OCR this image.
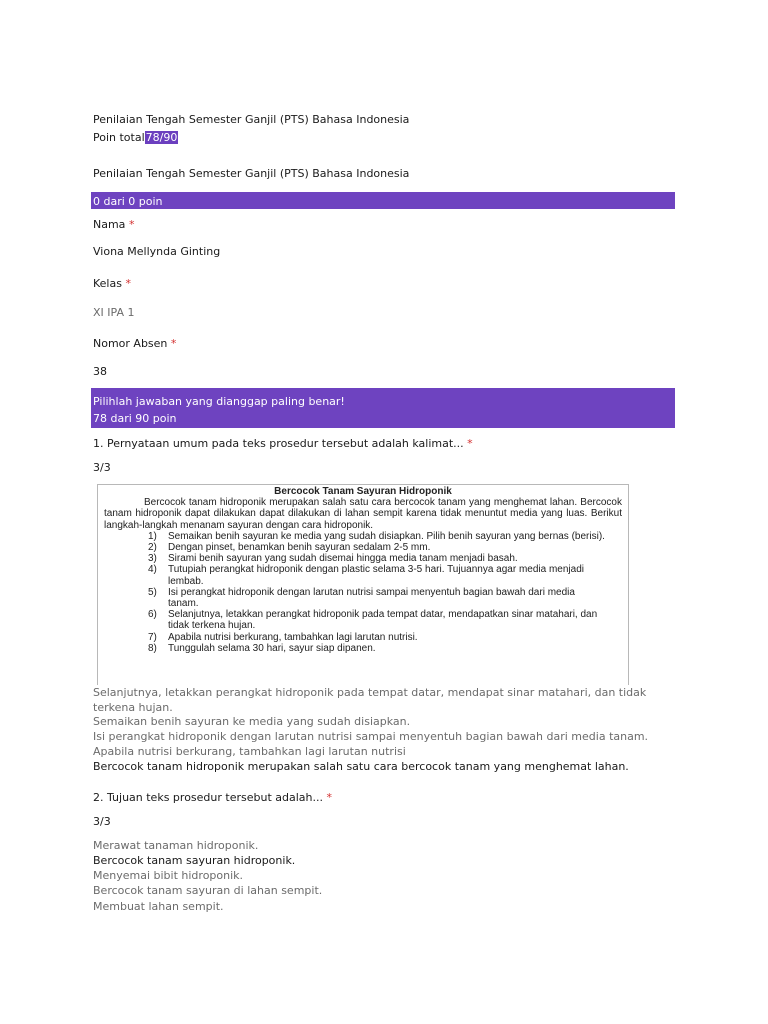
Penilaian Tengah Semester Ganjil (PTS) Bahasa Indonesia
Poin total78/90
Penilaian Tengah Semester Ganjil (PTS) Bahasa Indonesia
0 dari 0 poin
Nama *
Viona Mellynda Ginting
Kelas *
XI IPA 1
Nomor Absen *
38
Pilihlah jawaban yang dianggap paling benar!
78 dari 90 poin
1. Pernyataan umum pada teks prosedur tersebut adalah kalimat... *
3/3
Bercocok Tanam Sayuran Hidroponik
Bercocok tanam hidroponik merupakan salah satu cara bercocok tanam yang menghemat lahan. Bercocok tanam hidroponik dapat dilakukan dapat dilakukan di lahan sempit karena tidak menuntut media yang luas. Berikut langkah-langkah menanam sayuran dengan cara hidroponik.
1) Semaikan benih sayuran ke media yang sudah disiapkan. Pilih benih sayuran yang bernas (berisi).
2) Dengan pinset, benamkan benih sayuran sedalam 2-5 mm.
3) Sirami benih sayuran yang sudah disemai hingga media tanam menjadi basah.
4) Tutupiah perangkat hidroponik dengan plastic selama 3-5 hari. Tujuannya agar media menjadi lembab.
5) Isi perangkat hidroponik dengan larutan nutrisi sampai menyentuh bagian bawah dari media tanam.
6) Selanjutnya, letakkan perangkat hidroponik pada tempat datar, mendapatkan sinar matahari, dan tidak terkena hujan.
7) Apabila nutrisi berkurang, tambahkan lagi larutan nutrisi.
8) Tunggulah selama 30 hari, sayur siap dipanen.
Selanjutnya, letakkan perangkat hidroponik pada tempat datar, mendapat sinar matahari, dan tidak
terkena hujan.
Semaikan benih sayuran ke media yang sudah disiapkan.
Isi perangkat hidroponik dengan larutan nutrisi sampai menyentuh bagian bawah dari media tanam.
Apabila nutrisi berkurang, tambahkan lagi larutan nutrisi
Bercocok tanam hidroponik merupakan salah satu cara bercocok tanam yang menghemat lahan.
2. Tujuan teks prosedur tersebut adalah... *
3/3
Merawat tanaman hidroponik.
Bercocok tanam sayuran hidroponik.
Menyemai bibit hidroponik.
Bercocok tanam sayuran di lahan sempit.
Membuat lahan sempit.
